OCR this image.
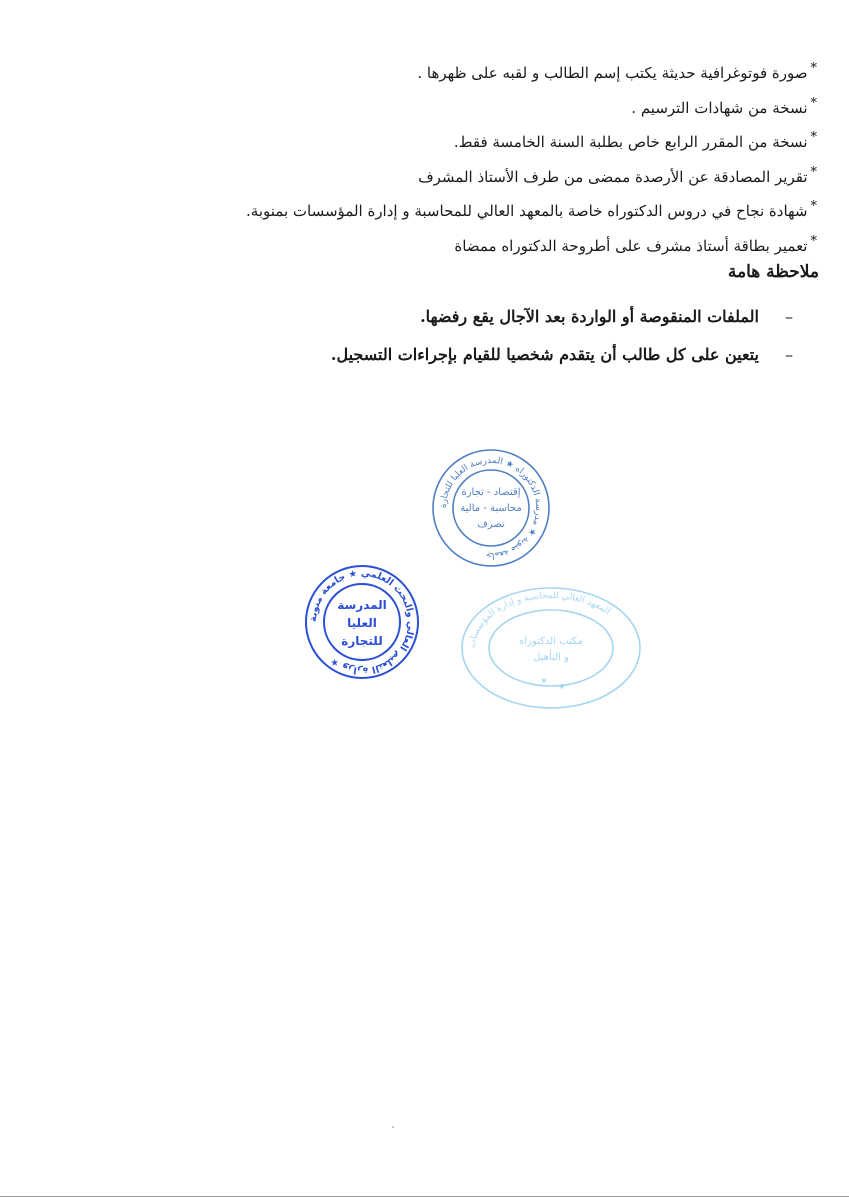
*صورة فوتوغرافية حديثة يكتب إسم الطالب و لقبه على ظهرها .
*نسخة من شهادات الترسيم .
*نسخة من المقرر الرابع خاص بطلبة السنة الخامسة فقط.
*تقرير المصادقة عن الأرصدة ممضى من طرف الأستاذ المشرف
*شهادة نجاح في دروس الدكتوراه خاصة بالمعهد العالي للمحاسبة و إدارة المؤسسات بمنوبة.
*تعمير بطاقة أستاذ مشرف على أطروحة الدكتوراه ممضاة
ملاحظة هامة
–الملفات المنقوصة أو الواردة بعد الآجال يقع رفضها.
–يتعين على كل طالب أن يتقدم شخصيا للقيام بإجراءات التسجيل.
جامعة منوبة ★ مدرسة الدكتوراه ★ المدرسة العليا للتجارة
إقتصاد - تجارة
محاسبة - مالية
تصرف
وزارة التعليم العالي والبحث العلمي ★ جامعة منوبة ★
المدرسة
العليا
للتجارة	المعهد العالي للمحاسبة و إدارة المؤسسات
مكتب الدكتوراه
و التأهيل
★
★
